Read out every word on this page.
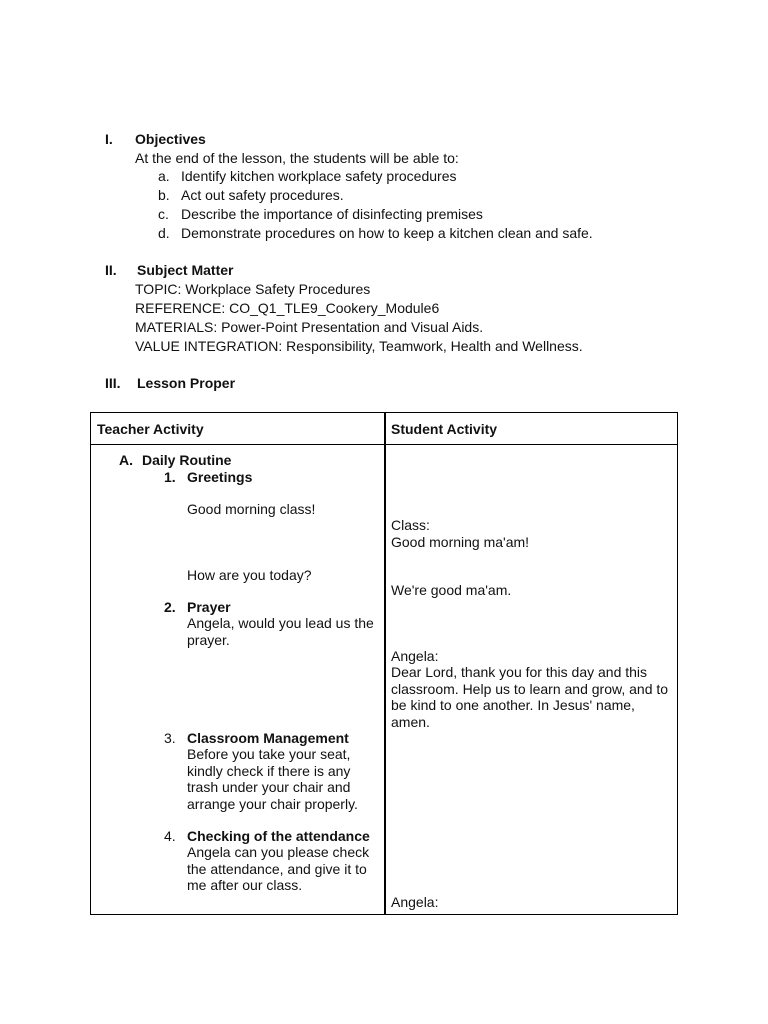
I. Objectives
At the end of the lesson, the students will be able to:
a. Identify kitchen workplace safety procedures
b. Act out safety procedures.
c. Describe the importance of disinfecting premises
d. Demonstrate procedures on how to keep a kitchen clean and safe.
II. Subject Matter
TOPIC: Workplace Safety Procedures
REFERENCE: CO_Q1_TLE9_Cookery_Module6
MATERIALS: Power-Point Presentation and Visual Aids.
VALUE INTEGRATION: Responsibility, Teamwork, Health and Wellness.
III. Lesson Proper
Teacher Activity	Student Activity
A. Daily Routine
1. Greetings
Good morning class!
How are you today?
2. Prayer
Angela, would you lead us the
prayer.
3. Classroom Management
Before you take your seat,
kindly check if there is any
trash under your chair and
arrange your chair properly.
4. Checking of the attendance
Angela can you please check
the attendance, and give it to
me after our class.
Class:
Good morning ma'am!
We're good ma'am.
Angela:
Dear Lord, thank you for this day and this
classroom. Help us to learn and grow, and to
be kind to one another. In Jesus' name,
amen.
Angela:
